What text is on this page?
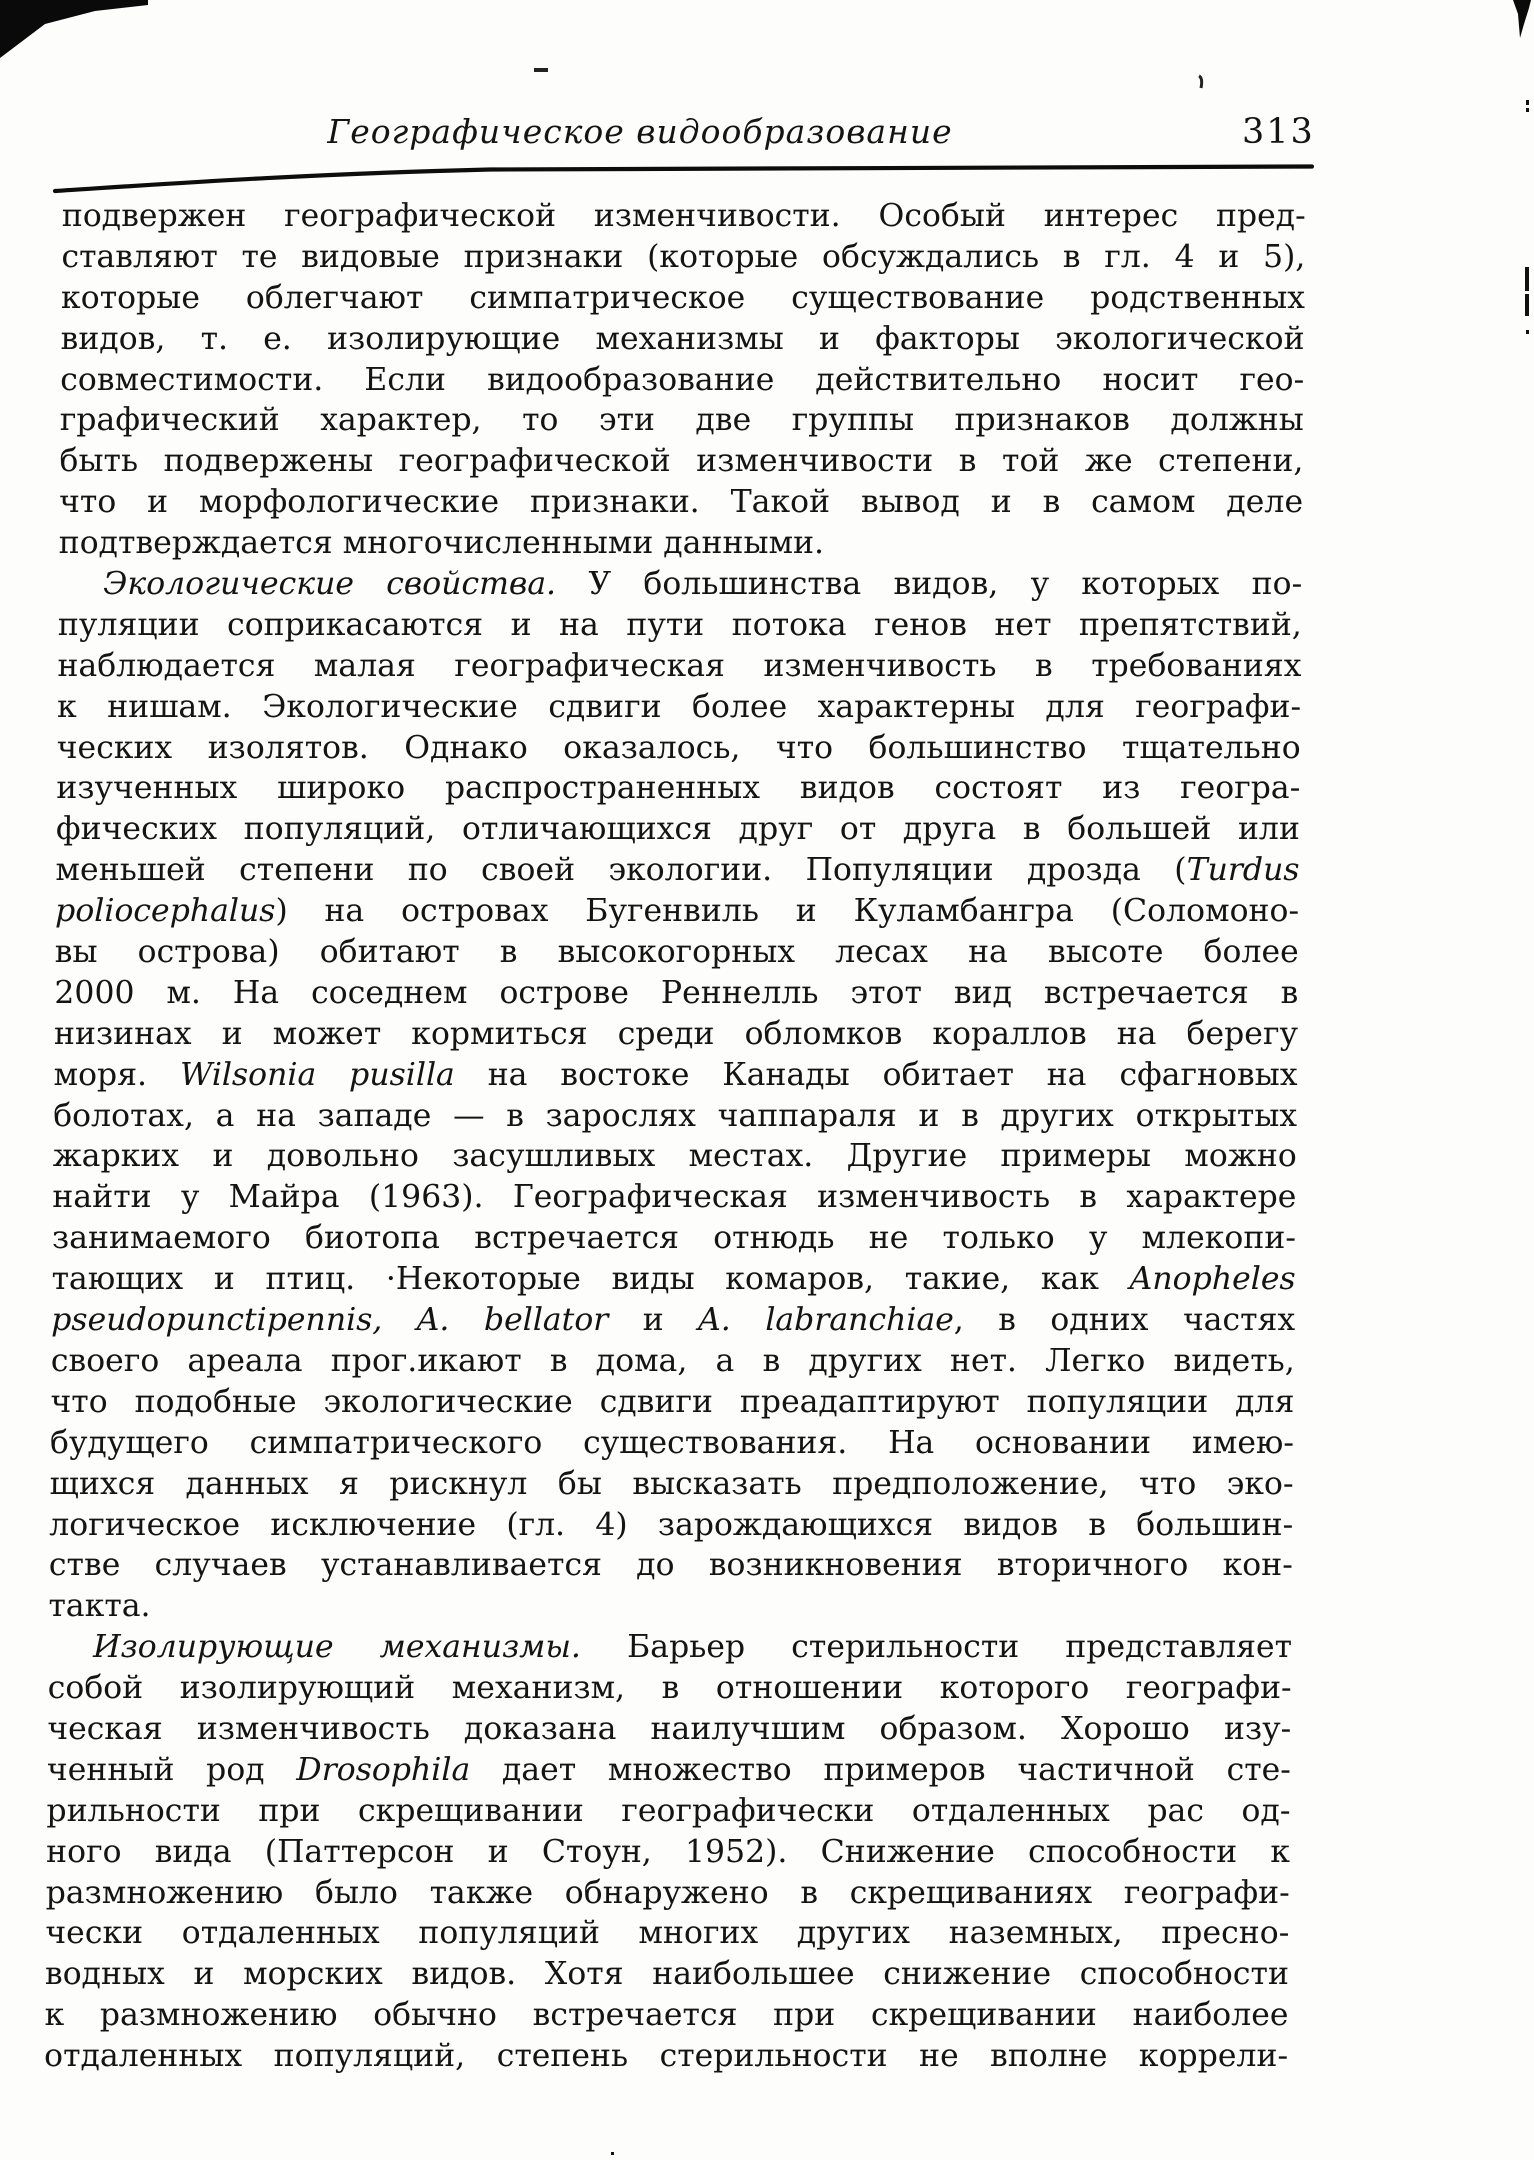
Географическое видообразование	313
подвержен географической изменчивости. Особый интерес пред-
ставляют те видовые признаки (которые обсуждались в гл. 4 и 5),
которые облегчают симпатрическое существование родственных
видов, т. е. изолирующие механизмы и факторы экологической
совместимости. Если видообразование действительно носит гео-
графический характер, то эти две группы признаков должны
быть подвержены географической изменчивости в той же степени,
что и морфологические признаки. Такой вывод и в самом деле
подтверждается многочисленными данными.
Экологические свойства. У большинства видов, у которых по-
пуляции соприкасаются и на пути потока генов нет препятствий,
наблюдается малая географическая изменчивость в требованиях
к нишам. Экологические сдвиги более характерны для географи-
ческих изолятов. Однако оказалось, что большинство тщательно
изученных широко распространенных видов состоят из геогра-
фических популяций, отличающихся друг от друга в большей или
меньшей степени по своей экологии. Популяции дрозда (Turdus
poliocephalus) на островах Бугенвиль и Куламбангра (Соломоно-
вы острова) обитают в высокогорных лесах на высоте более
2000 м. На соседнем острове Реннелль этот вид встречается в
низинах и может кормиться среди обломков кораллов на берегу
моря. Wilsonia pusilla на востоке Канады обитает на сфагновых
болотах, а на западе — в зарослях чаппараля и в других открытых
жарких и довольно засушливых местах. Другие примеры можно
найти у Майра (1963). Географическая изменчивость в характере
занимаемого биотопа встречается отнюдь не только у млекопи-
тающих и птиц. ·Некоторые виды комаров, такие, как Anopheles
pseudopunctipennis, A. bellator и A. labranchiae, в одних частях
своего ареала прог.икают в дома, а в других нет. Легко видеть,
что подобные экологические сдвиги преадаптируют популяции для
будущего симпатрического существования. На основании имею-
щихся данных я рискнул бы высказать предположение, что эко-
логическое исключение (гл. 4) зарождающихся видов в большин-
стве случаев устанавливается до возникновения вторичного кон-
такта.
Изолирующие механизмы. Барьер стерильности представляет
собой изолирующий механизм, в отношении которого географи-
ческая изменчивость доказана наилучшим образом. Хорошо изу-
ченный род Drosophila дает множество примеров частичной сте-
рильности при скрещивании географически отдаленных рас од-
ного вида (Паттерсон и Стоун, 1952). Снижение способности к
размножению было также обнаружено в скрещиваниях географи-
чески отдаленных популяций многих других наземных, пресно-
водных и морских видов. Хотя наибольшее снижение способности
к размножению обычно встречается при скрещивании наиболее
отдаленных популяций, степень стерильности не вполне коррели-
